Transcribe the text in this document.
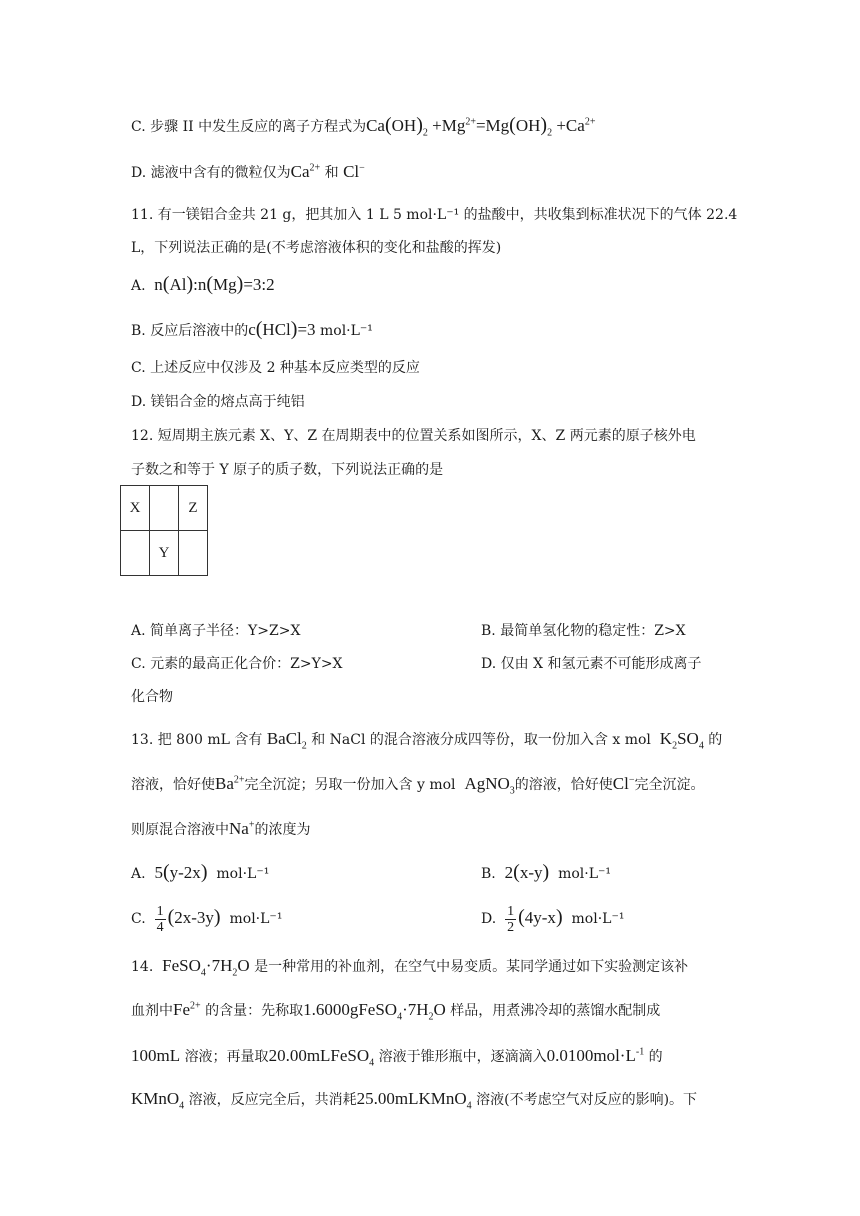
C. 步骤 II 中发生反应的离子方程式为$Ca(OH)_2 +Mg^{2+}=Mg(OH)_2 +Ca^{2+}$
D. 滤液中含有的微粒仅为$Ca^{2+}$ 和 Cl−
11. 有一镁铝合金共 21 g，把其加入 1 L 5 mol·L⁻¹ 的盐酸中，共收集到标准状况下的气体 22.4
L，下列说法正确的是(不考虑溶液体积的变化和盐酸的挥发)
A.  n(Al):n(Mg)=3:2
B. 反应后溶液中的c(HCl)=3 mol·L⁻¹
C. 上述反应中仅涉及 2 种基本反应类型的反应
D. 镁铝合金的熔点高于纯铝
12. 短周期主族元素 X、Y、Z 在周期表中的位置关系如图所示，X、Z 两元素的原子核外电
子数之和等于 Y 原子的质子数，下列说法正确的是
X		Z
	Y	
A. 简单离子半径：Y>Z>X	B. 最简单氢化物的稳定性：Z>X
C. 元素的最高正化合价：Z>Y>X	D. 仅由 X 和氢元素不可能形成离子
化合物
13. 把 800 mL 含有 BaCl$_2$ 和 NaCl 的混合溶液分成四等份，取一份加入含 x mol $K_2SO_4$ 的
溶液，恰好使$Ba^{2+}$完全沉淀；另取一份加入含 y mol AgNO$_3$的溶液，恰好使Cl−完全沉淀。
则原混合溶液中Na+的浓度为
A. 5(y-2x) mol·L⁻¹	B. 2(x-y) mol·L⁻¹
C. $\frac{1}{4} (2x-3y)$ mol·L⁻¹	D. $\frac{1}{2} (4y-x)$ mol·L⁻¹
14. $FeSO_4\cdot 7H_2O$ 是一种常用的补血剂，在空气中易变质。某同学通过如下实验测定该补
血剂中$Fe^{2+}$ 的含量：先称取$1.6000gFeSO_4\cdot 7H_2O$ 样品，用煮沸冷却的蒸馏水配制成
100mL 溶液；再量取20.00mLFeSO$_4$ 溶液于锥形瓶中，逐滴滴入$0.0100mol\cdot L^{-1}$ 的
KMnO$_4$ 溶液，反应完全后，共消耗25.00mLKMnO$_4$ 溶液(不考虑空气对反应的影响)。下
